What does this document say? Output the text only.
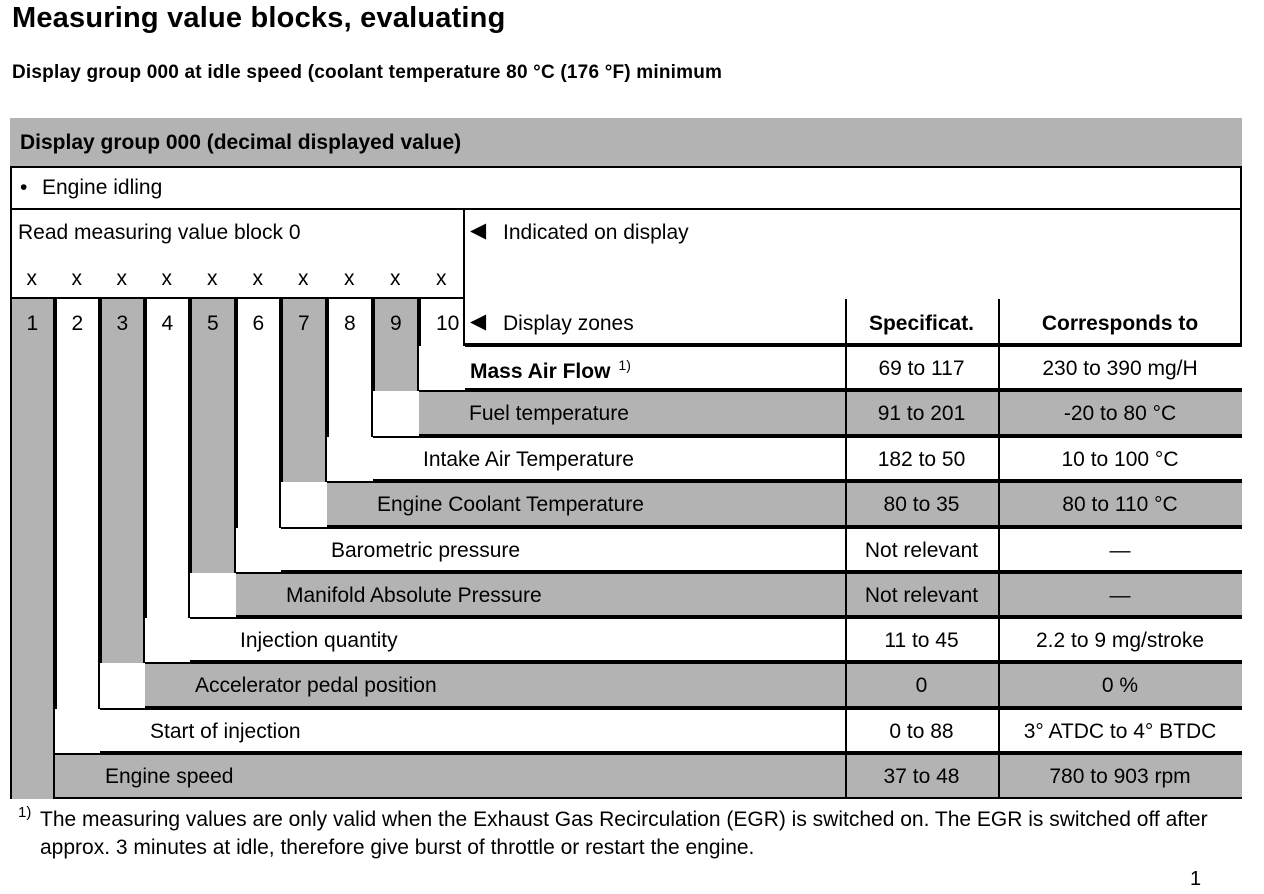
Measuring value blocks, evaluating
Display group 000 at idle speed (coolant temperature 80 °C (176 °F) minimum
Display group 000 (decimal displayed value)
• Engine idling
Read measuring value block 0	◀ Indicated on display
x x x x x x x x x x
1 2 3 4 5 6 7 8 9 10 ◀ Display zones	Specificat.	Corresponds to
Mass Air Flow $^{1)}$	69 to 117	230 to 390 mg/H
Fuel temperature	91 to 201	-20 to 80 °C
Intake Air Temperature	182 to 50	10 to 100 °C
Engine Coolant Temperature	80 to 35	80 to 110 °C
Barometric pressure	Not relevant	—
Manifold Absolute Pressure	Not relevant	—
Injection quantity	11 to 45	2.2 to 9 mg/stroke
Accelerator pedal position	0	0 %
Start of injection	0 to 88	3° ATDC to 4° BTDC
Engine speed	37 to 48	780 to 903 rpm
1) The measuring values are only valid when the Exhaust Gas Recirculation (EGR) is switched on. The EGR is switched off after approx. 3 minutes at idle, therefore give burst of throttle or restart the engine.
1
